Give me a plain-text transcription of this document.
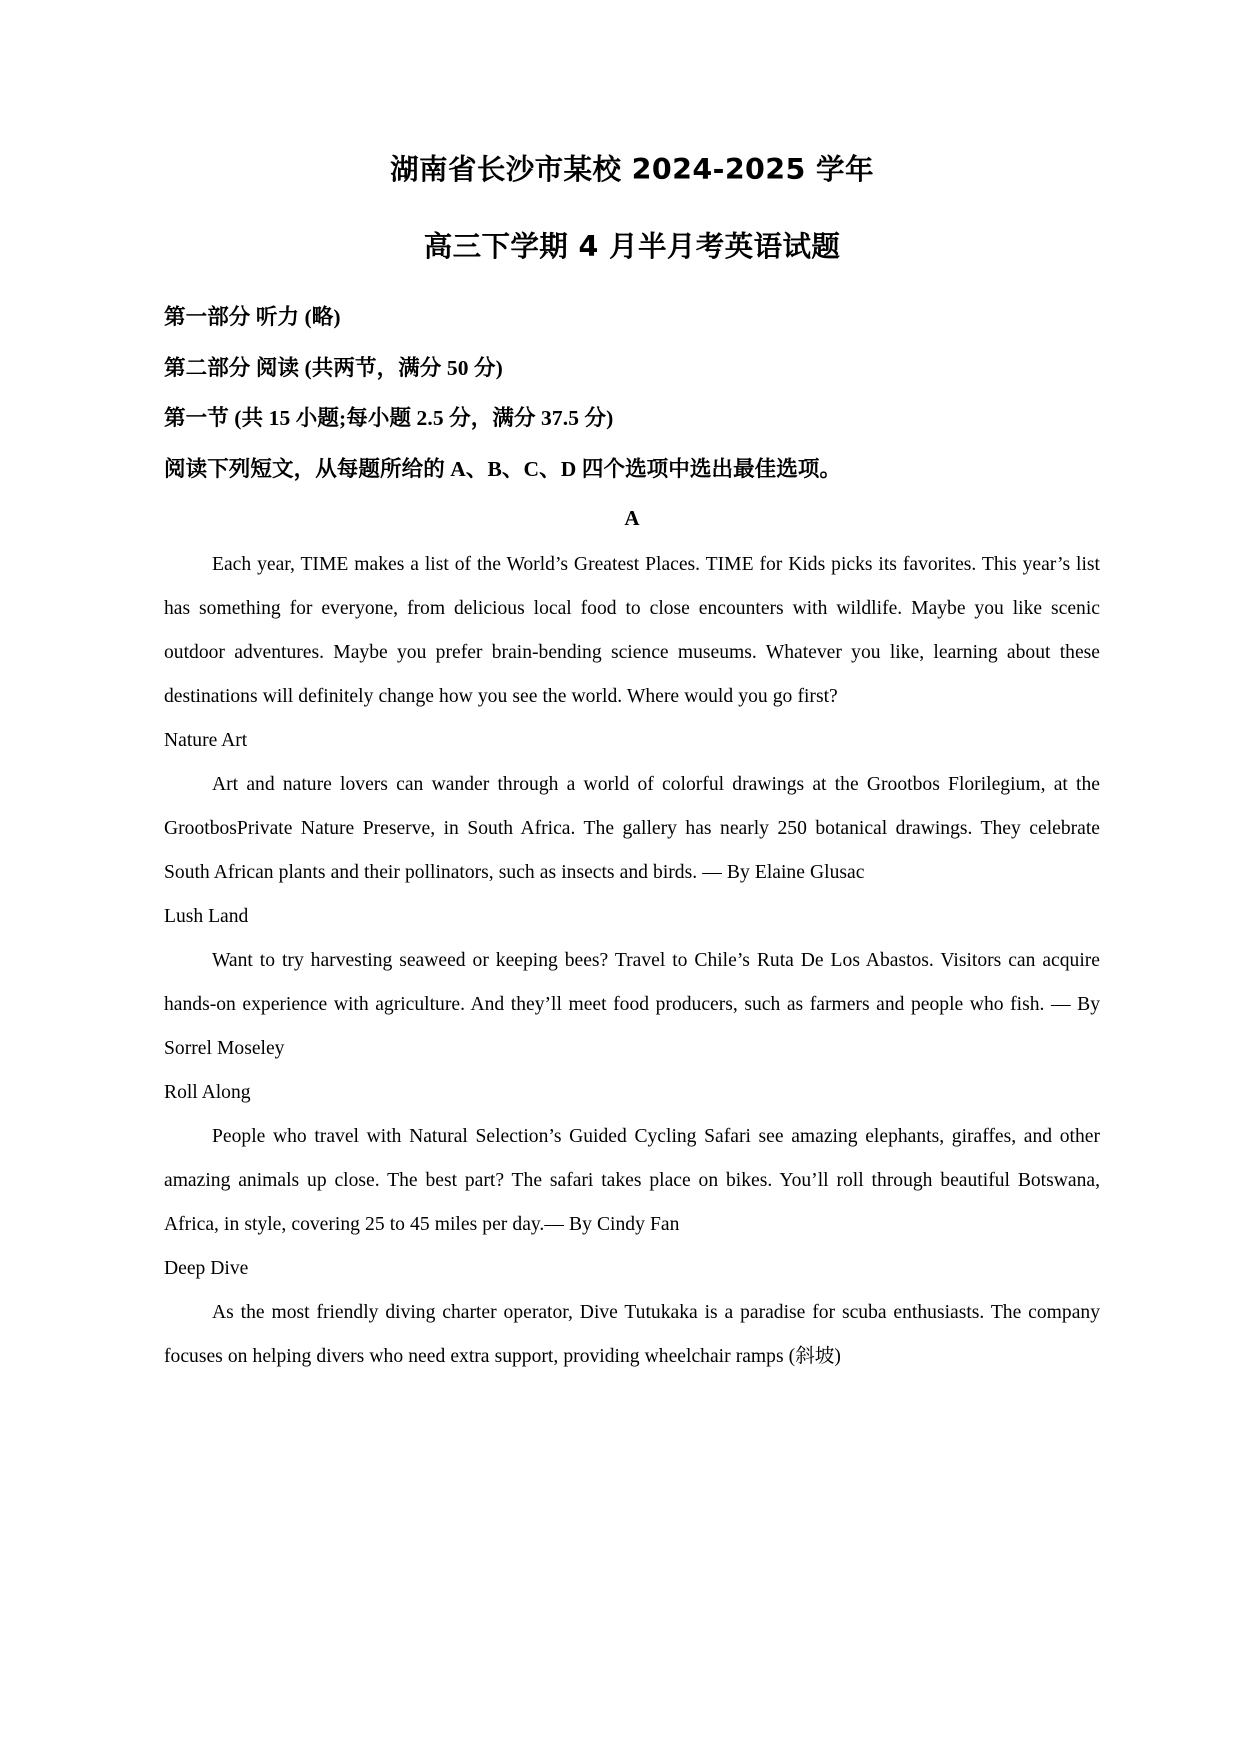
湖南省长沙市某校 2024-2025 学年
高三下学期 4 月半月考英语试题

第一部分 听力 (略)

第二部分 阅读 (共两节，满分 50 分)

第一节 (共 15 小题;每小题 2.5 分，满分 37.5 分)

阅读下列短文，从每题所给的 A、B、C、D 四个选项中选出最佳选项。

A

Each year, TIME makes a list of the World’s Greatest Places. TIME for Kids picks its favorites. This year’s list has something for everyone, from delicious local food to close encounters with wildlife. Maybe you like scenic outdoor adventures. Maybe you prefer brain-bending science museums. Whatever you like, learning about these destinations will definitely change how you see the world. Where would you go first?

Nature Art

Art and nature lovers can wander through a world of colorful drawings at the Grootbos Florilegium, at the GrootbosPrivate Nature Preserve, in South Africa. The gallery has nearly 250 botanical drawings. They celebrate South African plants and their pollinators, such as insects and birds. — By Elaine Glusac

Lush Land

Want to try harvesting seaweed or keeping bees? Travel to Chile’s Ruta De Los Abastos. Visitors can acquire hands-on experience with agriculture. And they’ll meet food producers, such as farmers and people who fish. — By Sorrel Moseley

Roll Along

People who travel with Natural Selection’s Guided Cycling Safari see amazing elephants, giraffes, and other amazing animals up close. The best part? The safari takes place on bikes. You’ll roll through beautiful Botswana, Africa, in style, covering 25 to 45 miles per day.— By Cindy Fan

Deep Dive

As the most friendly diving charter operator, Dive Tutukaka is a paradise for scuba enthusiasts. The company focuses on helping divers who need extra support, providing wheelchair ramps (斜坡)
